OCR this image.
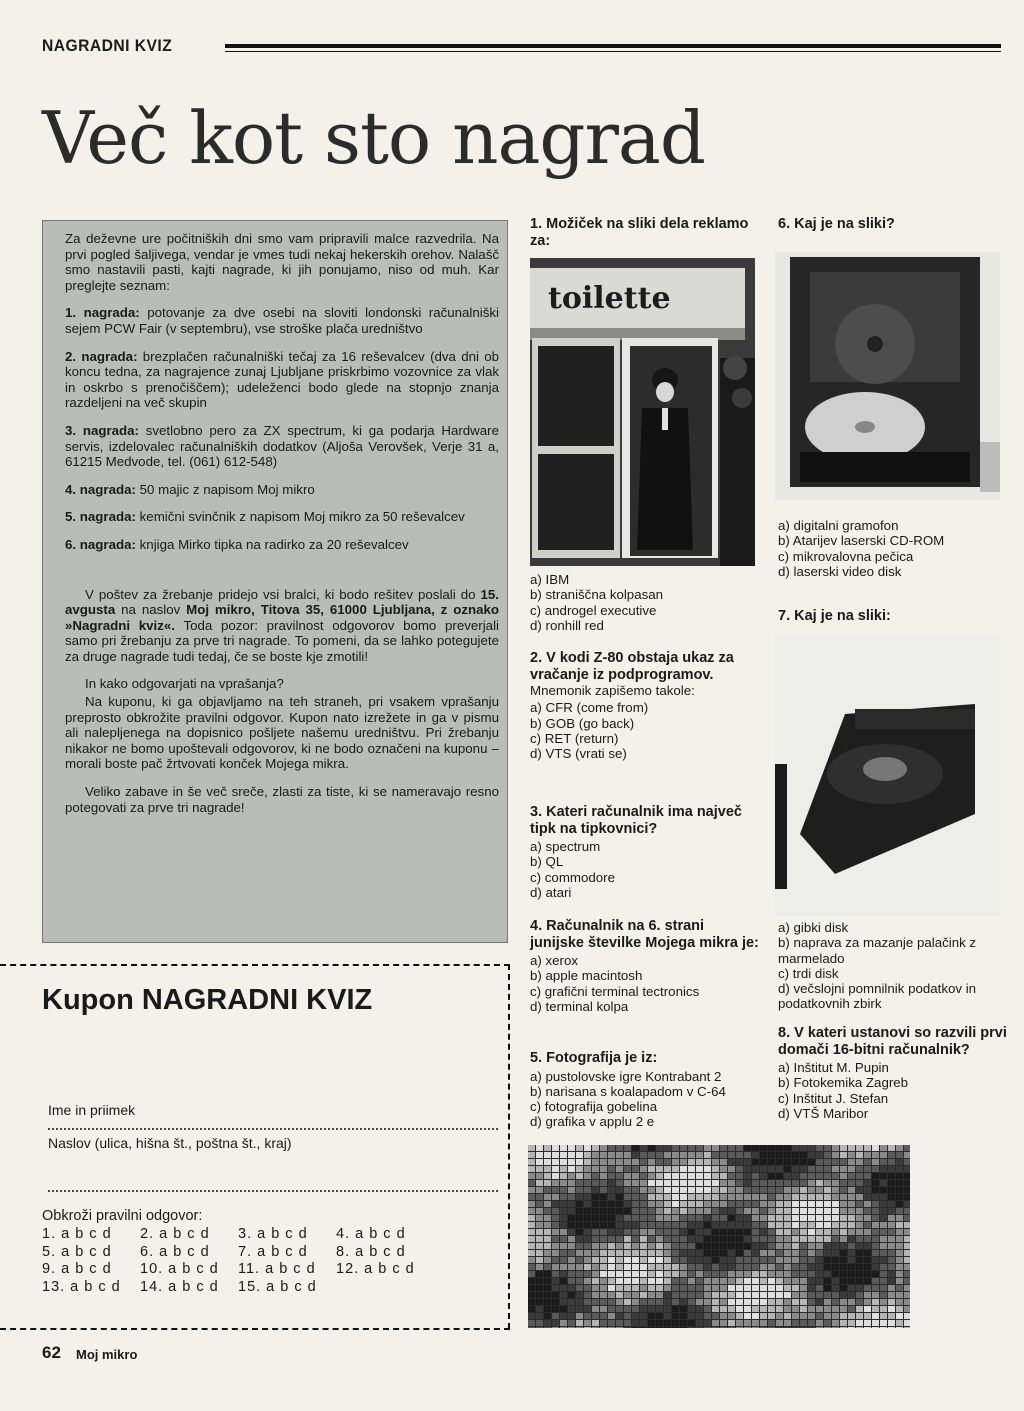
NAGRADNI KVIZ
Več kot sto nagrad

Za deževne ure počitniških dni smo vam pripravili malce razvedrila. Na prvi pogled šaljivega, vendar je vmes tudi nekaj hekerskih orehov. Nalašč smo nastavili pasti, kajti nagrade, ki jih ponujamo, niso od muh. Kar preglejte seznam:

1. nagrada: potovanje za dve osebi na sloviti londonski računalniški sejem PCW Fair (v septembru), vse stroške plača uredništvo

2. nagrada: brezplačen računalniški tečaj za 16 reševalcev (dva dni ob koncu tedna, za nagrajence zunaj Ljubljane priskrbimo vozovnice za vlak in oskrbo s prenočiščem); udeleženci bodo glede na stopnjo znanja razdeljeni na več skupin

3. nagrada: svetlobno pero za ZX spectrum, ki ga podarja Hardware servis, izdelovalec računalniških dodatkov (Aljoša Verovšek, Verje 31 a, 61215 Medvode, tel. (061) 612-548)

4. nagrada: 50 majic z napisom Moj mikro

5. nagrada: kemični svinčnik z napisom Moj mikro za 50 reševalcev

6. nagrada: knjiga Mirko tipka na radirko za 20 reševalcev

V poštev za žrebanje pridejo vsi bralci, ki bodo rešitev poslali do 15. avgusta na naslov Moj mikro, Titova 35, 61000 Ljubljana, z oznako »Nagradni kviz«. Toda pozor: pravilnost odgovorov bomo preverjali samo pri žrebanju za prve tri nagrade. To pomeni, da se lahko potegujete za druge nagrade tudi tedaj, če se boste kje zmotili!

In kako odgovarjati na vprašanja?

Na kuponu, ki ga objavljamo na teh straneh, pri vsakem vprašanju preprosto obkrožite pravilni odgovor. Kupon nato izrežete in ga v pismu ali nalepljenega na dopisnico pošljete našemu uredništvu. Pri žrebanju nikakor ne bomo upoštevali odgovorov, ki ne bodo označeni na kuponu – morali boste pač žrtvovati konček Mojega mikra.

Veliko zabave in še več sreče, zlasti za tiste, ki se nameravajo resno potegovati za prve tri nagrade!

Kupon NAGRADNI KVIZ
Ime in priimek
Naslov (ulica, hišna št., poštna št., kraj)
Obkroži pravilni odgovor:
1. a b c d 2. a b c d 3. a b c d 4. a b c d
5. a b c d 6. a b c d 7. a b c d 8. a b c d
9. a b c d 10. a b c d 11. a b c d 12. a b c d
13. a b c d 14. a b c d 15. a b c d
62 Moj mikro
1. Možiček na sliki dela reklamo za:
toilette
a) IBM
b) straniščna kolpasan
c) androgel executive
d) ronhill red
2. V kodi Z-80 obstaja ukaz za vračanje iz podprogramov.
Mnemonik zapišemo takole:
a) CFR (come from)
b) GOB (go back)
c) RET (return)
d) VTS (vrati se)
3. Kateri računalnik ima največ tipk na tipkovnici?
a) spectrum
b) QL
c) commodore
d) atari
4. Računalnik na 6. strani junijske številke Mojega mikra je:
a) xerox
b) apple macintosh
c) grafični terminal tectronics
d) terminal kolpa
5. Fotografija je iz:
a) pustolovske igre Kontrabant 2
b) narisana s koalapadom v C-64
c) fotografija gobelina
d) grafika v applu 2 e
6. Kaj je na sliki?
a) digitalni gramofon
b) Atarijev laserski CD-ROM
c) mikrovalovna pečica
d) laserski video disk
7. Kaj je na sliki:
a) gibki disk
b) naprava za mazanje palačink z marmelado
c) trdi disk
d) večslojni pomnilnik podatkov in podatkovnih zbirk
8. V kateri ustanovi so razvili prvi domači 16-bitni računalnik?
a) Inštitut M. Pupin
b) Fotokemika Zagreb
c) Inštitut J. Stefan
d) VTŠ Maribor
